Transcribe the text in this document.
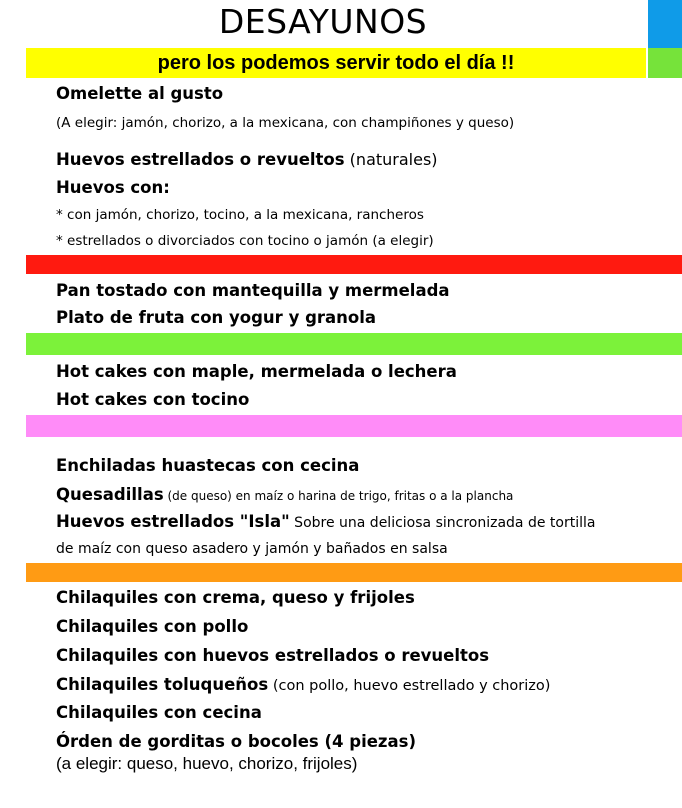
DESAYUNOS
pero los podemos servir todo el día !!
Omelette al gusto
(A elegir: jamón, chorizo, a la mexicana, con champiñones y queso)
Huevos estrellados o revueltos (naturales)
Huevos con:
* con jamón, chorizo, tocino, a la mexicana, rancheros
* estrellados o divorciados con tocino o jamón (a elegir)
Pan tostado con mantequilla y mermelada
Plato de fruta con yogur y granola
Hot cakes con maple, mermelada o lechera
Hot cakes con tocino
Enchiladas huastecas con cecina
Quesadillas (de queso) en maíz o harina de trigo, fritas o a la plancha
Huevos estrellados "Isla" Sobre una deliciosa sincronizada de tortilla
de maíz con queso asadero y jamón y bañados en salsa
Chilaquiles con crema, queso y frijoles
Chilaquiles con pollo
Chilaquiles con huevos estrellados o revueltos
Chilaquiles toluqueños (con pollo, huevo estrellado y chorizo)
Chilaquiles con cecina
Órden de gorditas o bocoles (4 piezas)
(a elegir: queso, huevo, chorizo, frijoles)
